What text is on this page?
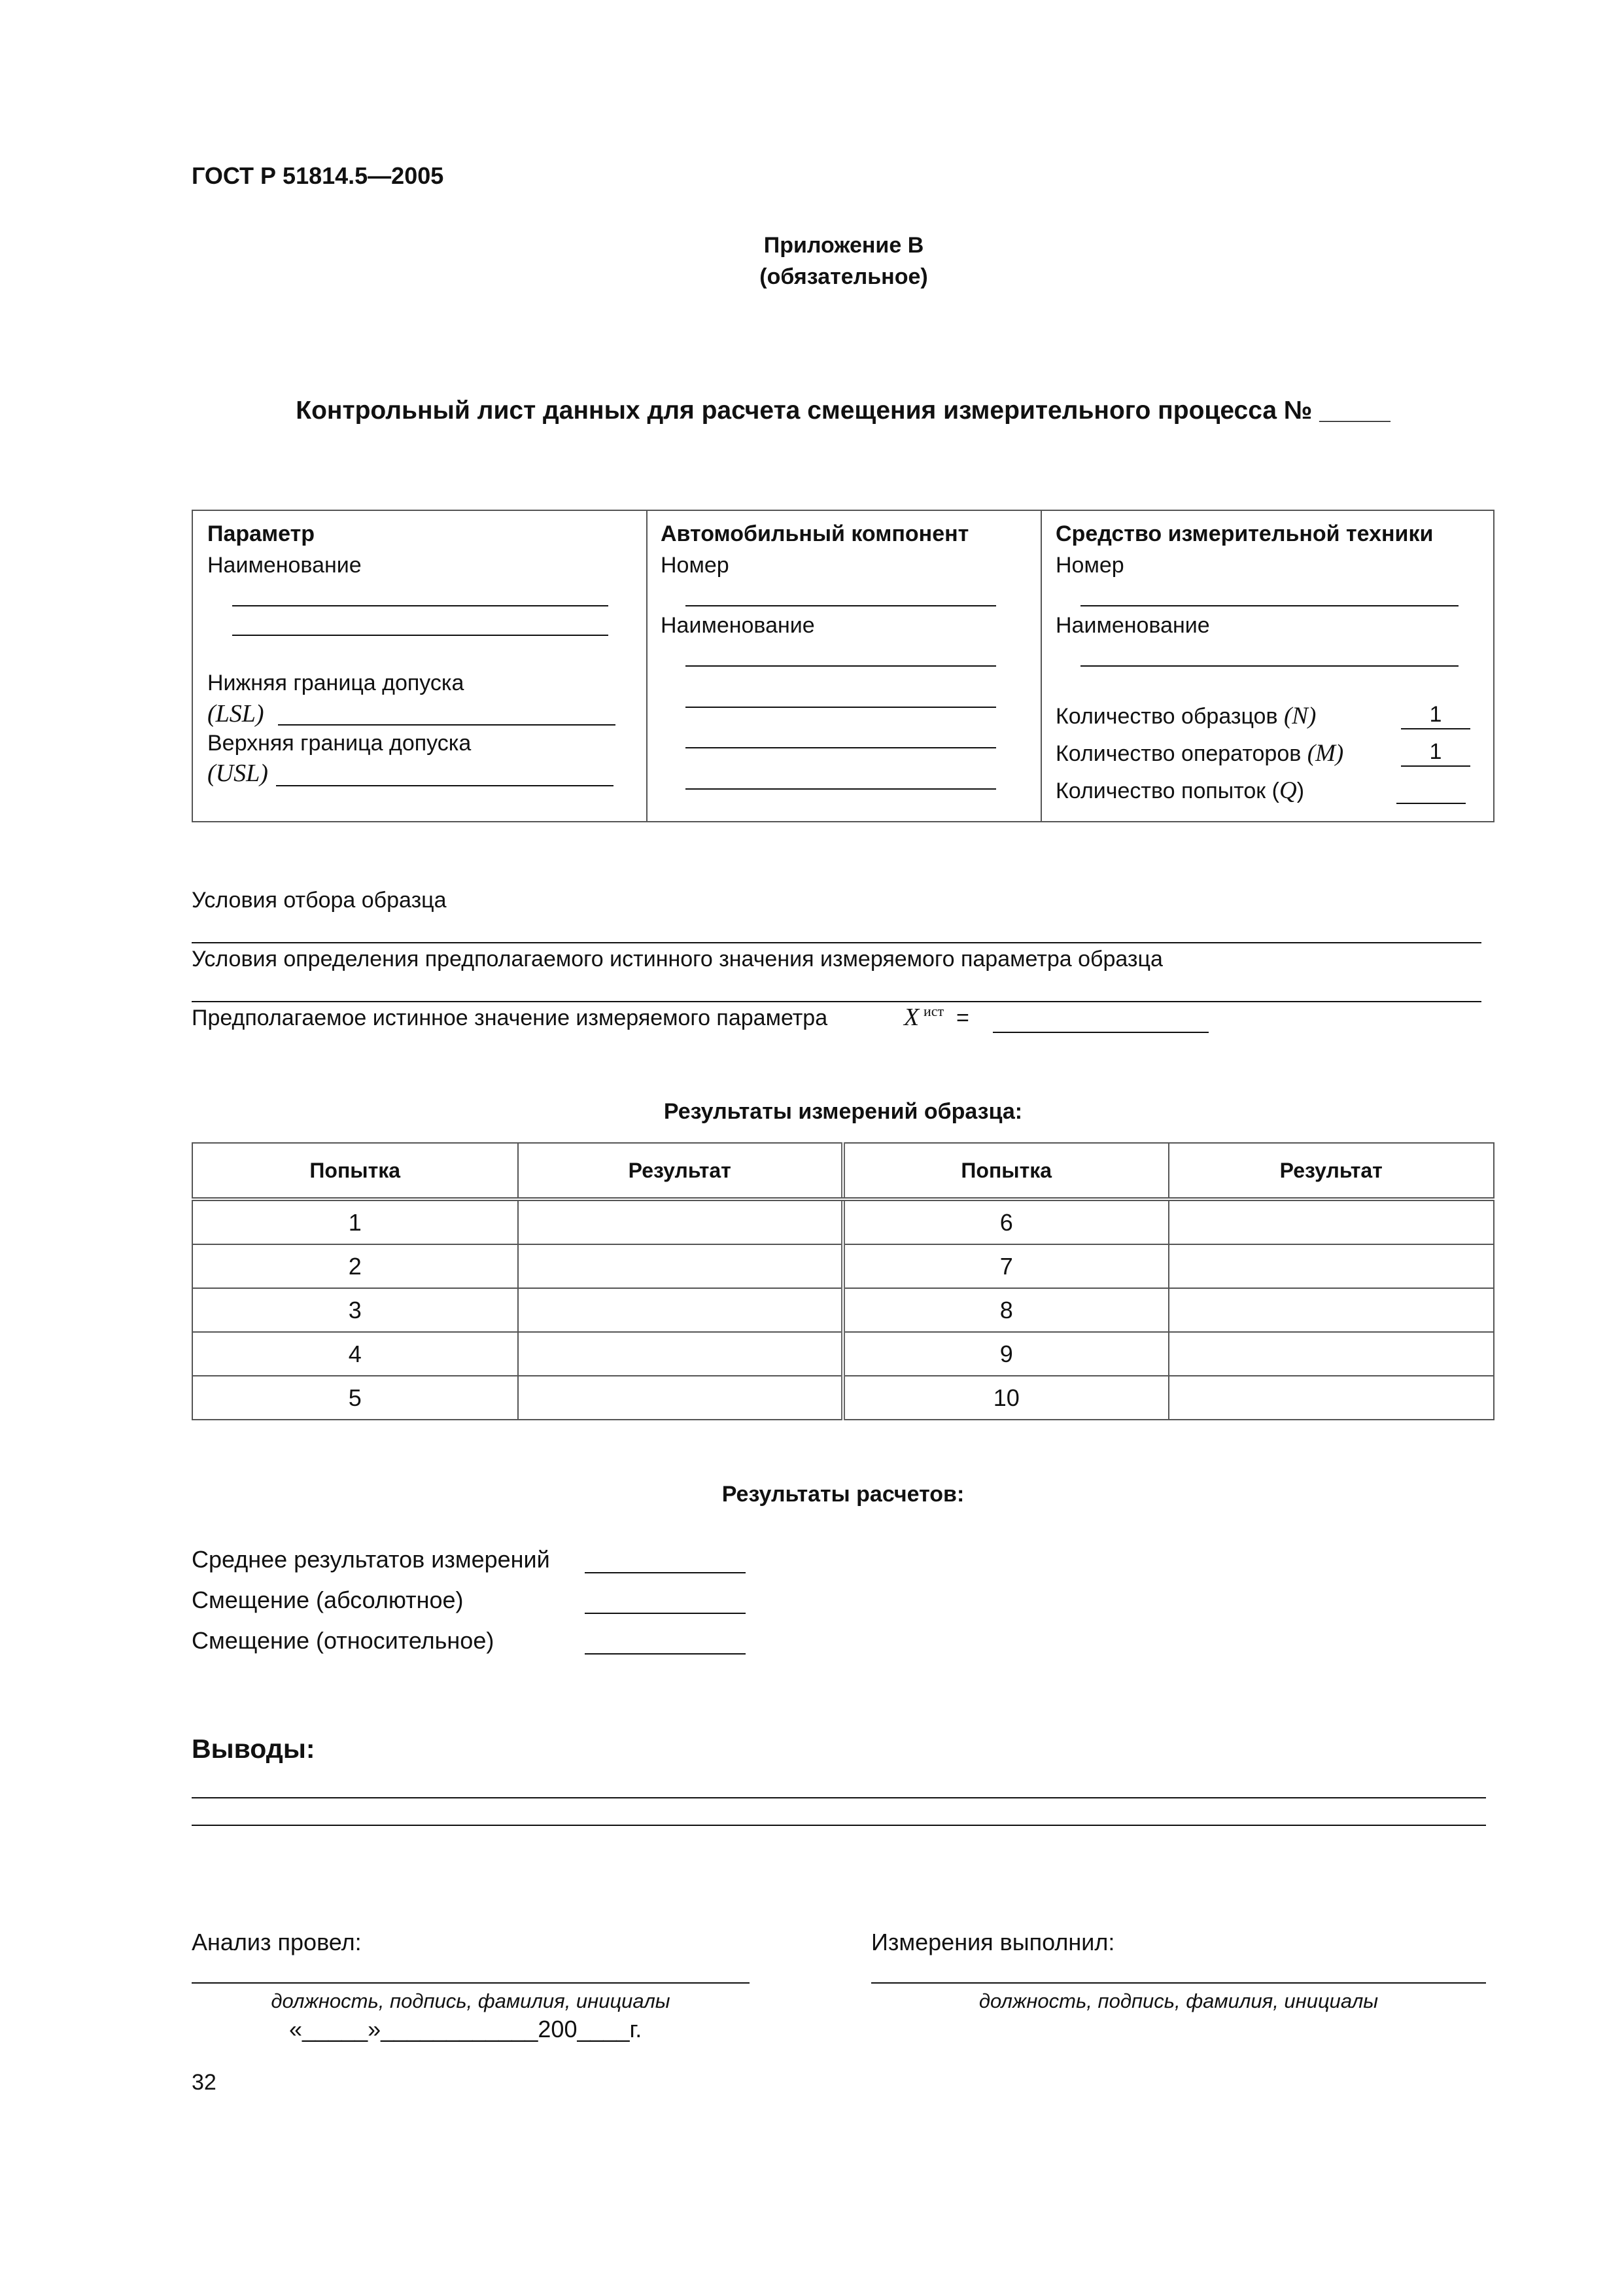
ГОСТ Р 51814.5—2005
Приложение В
(обязательное)
Контрольный лист данных для расчета смещения измерительного процесса № _____
Параметр
Наименование
Нижняя граница допуска
(LSL)
Верхняя граница допуска
(USL)
Автомобильный компонент
Номер
Наименование
Средство измерительной техники
Номер
Наименование
Количество образцов (N)	1
Количество операторов (M)	1
Количество попыток (Q)
Условия отбора образца
Условия определения предполагаемого истинного значения измеряемого параметра образца
Предполагаемое истинное значение измеряемого параметра	X ист =
Результаты измерений образца:
Попытка	Результат	Попытка	Результат
1		6	
2		7	
3		8	
4		9	
5		10	
Результаты расчетов:
Среднее результатов измерений
Смещение (абсолютное)
Смещение (относительное)
Выводы:
Анализ провел:
должность, подпись, фамилия, инициалы
«_____»____________200____г.
Измерения выполнил:
должность, подпись, фамилия, инициалы
32
